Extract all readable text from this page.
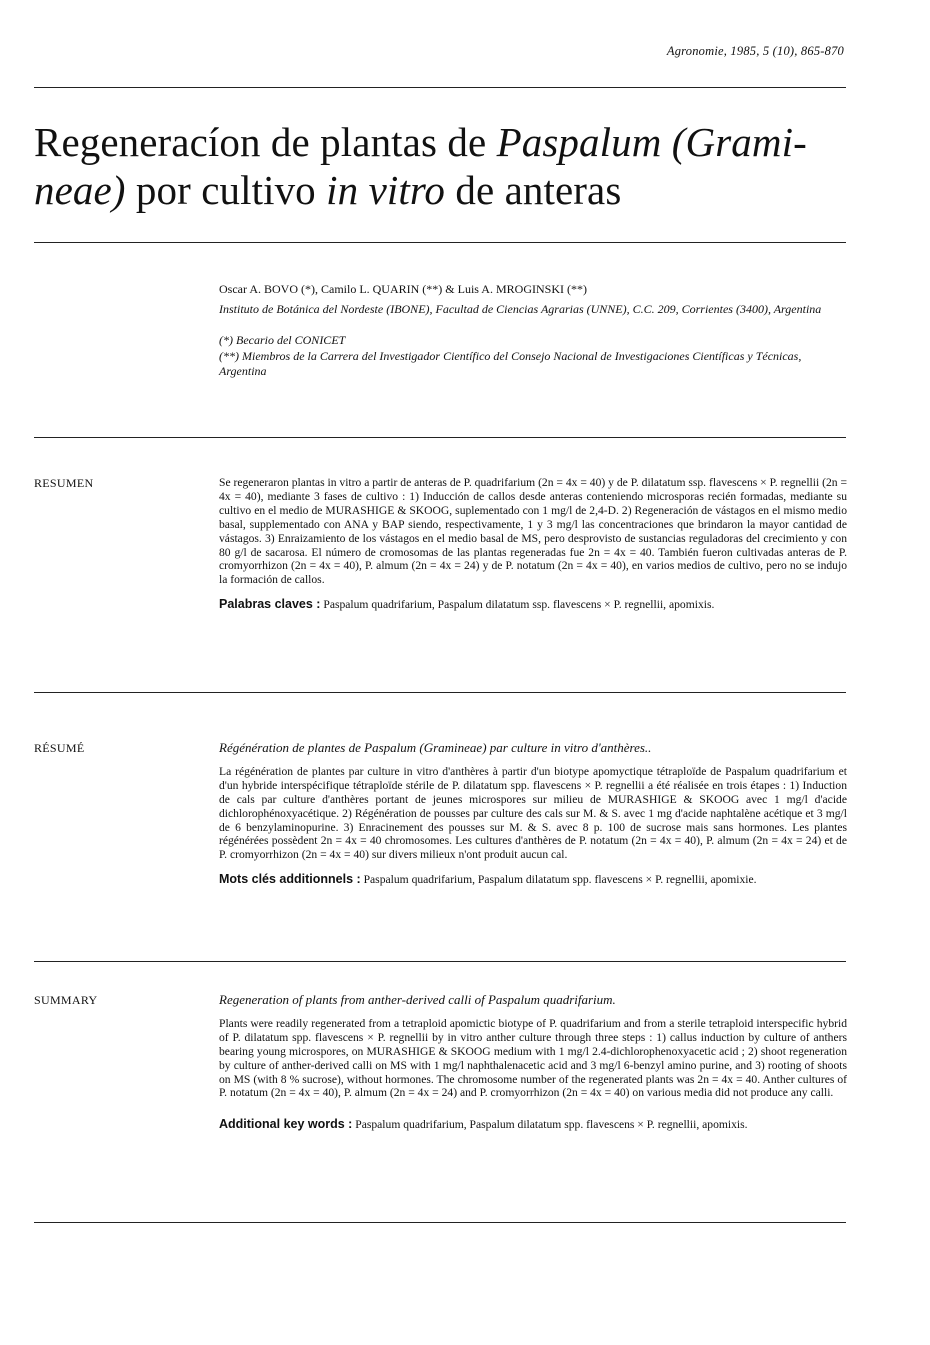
Agronomie, 1985, 5 (10), 865-870
Regeneracíon de plantas de Paspalum (Grami-neae) por cultivo in vitro de anteras

Oscar A. BOVO (*), Camilo L. QUARIN (**) & Luis A. MROGINSKI (**)

Instituto de Botánica del Nordeste (IBONE), Facultad de Ciencias Agrarias (UNNE), C.C. 209, Corrientes (3400), Argentina

(*) Becario del CONICET

(**) Miembros de la Carrera del Investigador Científico del Consejo Nacional de Investigaciones Científicas y Técnicas, Argentina

RESUMEN	Se regeneraron plantas in vitro a partir de anteras de P. quadrifarium (2n = 4x = 40) y de P. dilatatum ssp. flavescens × P. regnellii (2n = 4x = 40), mediante 3 fases de cultivo : 1) Inducción de callos desde anteras conteniendo microsporas recién formadas, mediante su cultivo en el medio de MURASHIGE & SKOOG, suplementado con 1 mg/l de 2,4-D. 2) Regeneración de vástagos en el mismo medio basal, supplementado con ANA y BAP siendo, respectivamente, 1 y 3 mg/l las concentraciones que brindaron la mayor cantidad de vástagos. 3) Enraizamiento de los vástagos en el medio basal de MS, pero desprovisto de sustancias reguladoras del crecimiento y con 80 g/l de sacarosa. El número de cromosomas de las plantas regeneradas fue 2n = 4x = 40. También fueron cultivadas anteras de P. cromyorrhizon (2n = 4x = 40), P. almum (2n = 4x = 24) y de P. notatum (2n = 4x = 40), en varios medios de cultivo, pero no se indujo la formación de callos.

Palabras claves : Paspalum quadrifarium, Paspalum dilatatum ssp. flavescens × P. regnellii, apomixis.

RÉSUMÉ	Régénération de plantes de Paspalum (Gramineae) par culture in vitro d'anthères..

La régénération de plantes par culture in vitro d'anthères à partir d'un biotype apomyctique tétraploïde de Paspalum quadrifarium et d'un hybride interspécifique tétraploïde stérile de P. dilatatum spp. flavescens × P. regnellii a été réalisée en trois étapes : 1) Induction de cals par culture d'anthères portant de jeunes microspores sur milieu de MURASHIGE & SKOOG avec 1 mg/l d'acide dichlorophénoxyacétique. 2) Régénération de pousses par culture des cals sur M. & S. avec 1 mg d'acide naphtalène acétique et 3 mg/l de 6 benzylaminopurine. 3) Enracinement des pousses sur M. & S. avec 8 p. 100 de sucrose mais sans hormones. Les plantes régénérées possèdent 2n = 4x = 40 chromosomes. Les cultures d'anthères de P. notatum (2n = 4x = 40), P. almum (2n = 4x = 24) et de P. cromyorrhizon (2n = 4x = 40) sur divers milieux n'ont produit aucun cal.

Mots clés additionnels : Paspalum quadrifarium, Paspalum dilatatum spp. flavescens × P. regnellii, apomixie.

SUMMARY	Regeneration of plants from anther-derived calli of Paspalum quadrifarium.

Plants were readily regenerated from a tetraploid apomictic biotype of P. quadrifarium and from a sterile tetraploid interspecific hybrid of P. dilatatum spp. flavescens × P. regnellii by in vitro anther culture through three steps : 1) callus induction by culture of anthers bearing young microspores, on MURASHIGE & SKOOG medium with 1 mg/l 2.4-dichlorophenoxyacetic acid ; 2) shoot regeneration by culture of anther-derived calli on MS with 1 mg/l naphthalenacetic acid and 3 mg/l 6-benzyl amino purine, and 3) rooting of shoots on MS (with 8 % sucrose), without hormones. The chromosome number of the regenerated plants was 2n = 4x = 40. Anther cultures of P. notatum (2n = 4x = 40), P. almum (2n = 4x = 24) and P. cromyorrhizon (2n = 4x = 40) on various media did not produce any calli.

Additional key words : Paspalum quadrifarium, Paspalum dilatatum spp. flavescens × P. regnellii, apomixis.
